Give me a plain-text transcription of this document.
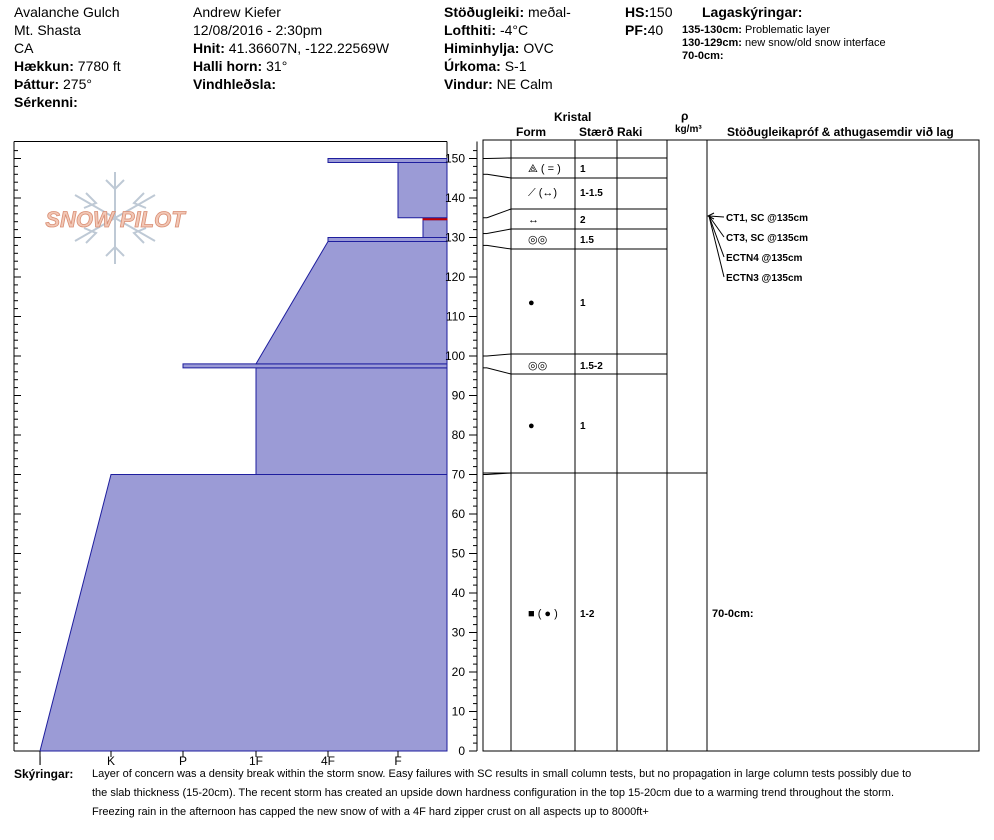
Avalanche Gulch
Mt. Shasta
CA
Hækkun: 7780 ft
Þáttur: 275°
Sérkenni:
Andrew Kiefer
12/08/2016 - 2:30pm
Hnit: 41.36607N, -122.22569W
Halli horn: 31°
Vindhleðsla:
Stöðugleiki: meðal-
Lofthiti: -4°C
Himinhylja: OVC
Úrkoma: S-1
Vindur: NE Calm
HS:150
PF:40
Lagaskýringar:
135-130cm: Problematic layer
130-129cm: new snow/old snow interface
70-0cm:
Kristal
Form	Stærð Raki
ρ
kg/m³ Stöðugleikapróf & athugasemdir við lag
SNOW PILOT
0
10
20
30
40
50
60
70
80
90
100
110
120
130
140
150
I	K	P	1F	4F	F
⟁ ( = ) 1
⟋ (↔) 1-1.5
↔	2
◎◎	1.5
●	1
◎◎	1.5-2
●	1
■ ( ● ) 1-2
CT1, SC @135cm
CT3, SC @135cm
ECTN4 @135cm
ECTN3 @135cm
70-0cm:
Skýringar: Layer of concern was a density break within the storm snow. Easy failures with SC results in small column tests, but no propagation in large column tests possibly due to
the slab thickness (15-20cm). The recent storm has created an upside down hardness configuration in the top 15-20cm due to a warming trend throughout the storm.
Freezing rain in the afternoon has capped the new snow of with a 4F hard zipper crust on all aspects up to 8000ft+
